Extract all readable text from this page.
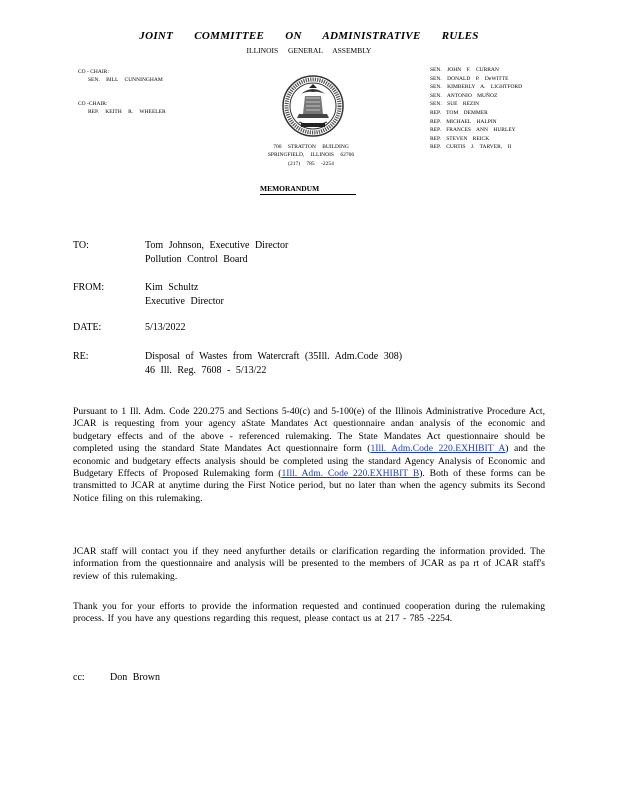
JOINT COMMITTEE ON ADMINISTRATIVE RULES
ILLINOIS GENERAL ASSEMBLY
CO - CHAIR:
SEN. BILL CUNNINGHAM
CO -CHAIR:
REP. KEITH R. WHEELER
SEN. JOHN F. CURRAN
SEN. DONALD P. DeWITTE
SEN. KIMBERLY A. LIGHTFORD
SEN. ANTONIO MUÑOZ
SEN. SUE REZIN
REP. TOM DEMMER
REP. MICHAEL HALPIN
REP. FRANCES ANN HURLEY
REP. STEVEN REICK
REP. CURTIS J. TARVER, II
700 STRATTON BUILDING
SPRINGFIELD, ILLINOIS 62706
(217) 785 -2254
MEMORANDUM
TO:	Tom Johnson, Executive Director
Pollution Control Board
FROM:	Kim Schultz
Executive Director
DATE:	5/13/2022
RE:	Disposal of Wastes from Watercraft (35Ill. Adm.Code 308)
46 Ill. Reg. 7608 - 5/13/22
Pursuant to 1 Ill. Adm. Code 220.275 and Sections 5-40(c) and 5-100(e) of the Illinois Administrative Procedure Act, JCAR is requesting from your agency aState Mandates Act questionnaire andan analysis of the economic and budgetary effects and of the above - referenced rulemaking. The State Mandates Act questionnaire should be completed using the standard State Mandates Act questionnaire form (1Ill. Adm.Code 220.EXHIBIT A) and the economic and budgetary effects analysis should be completed using the standard Agency Analysis of Economic and Budgetary Effects of Proposed Rulemaking form (1Ill. Adm. Code 220.EXHIBIT B). Both of these forms can be transmitted to JCAR at anytime during the First Notice period, but no later than when the agency submits its Second Notice filing on this rulemaking.
JCAR staff will contact you if they need anyfurther details or clarification regarding the information provided. The information from the questionnaire and analysis will be presented to the members of JCAR as pa rt of JCAR staff's review of this rulemaking.
Thank you for your efforts to provide the information requested and continued cooperation during the rulemaking process. If you have any questions regarding this request, please contact us at 217 - 785 -2254.
cc:	Don Brown
